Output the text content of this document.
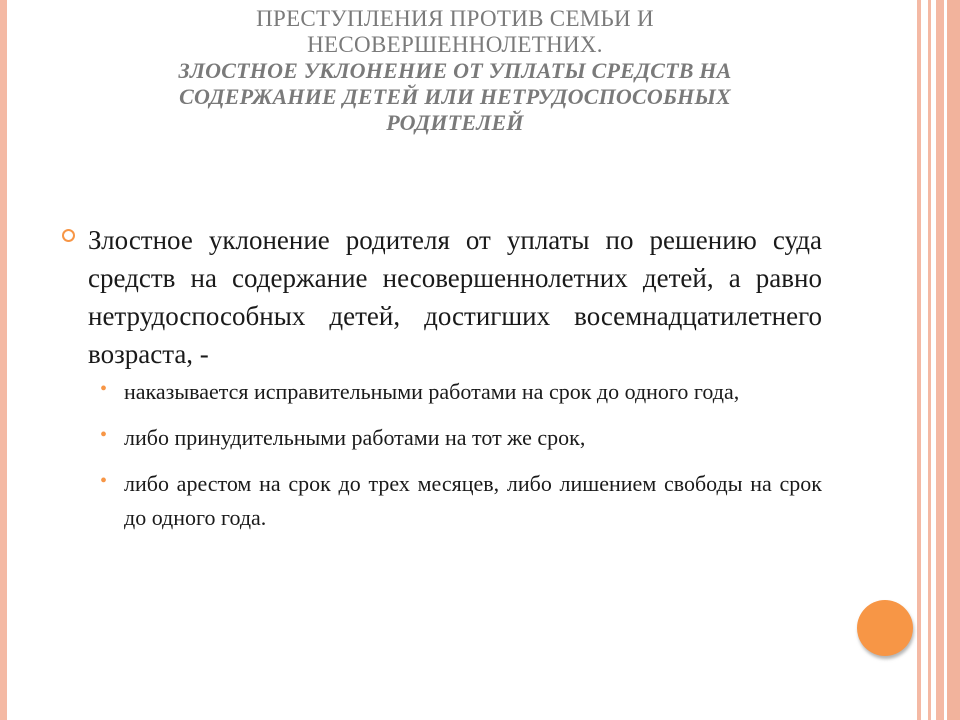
ПРЕСТУПЛЕНИЯ ПРОТИВ СЕМЬИ И
НЕСОВЕРШЕННОЛЕТНИХ.
ЗЛОСТНОЕ УКЛОНЕНИЕ ОТ УПЛАТЫ СРЕДСТВ НА
СОДЕРЖАНИЕ ДЕТЕЙ ИЛИ НЕТРУДОСПОСОБНЫХ
РОДИТЕЛЕЙ

Злостное уклонение родителя от уплаты по решению суда средств на содержание несовершеннолетних детей, а равно нетрудоспособных детей, достигших восемнадцатилетнего возраста, -

• наказывается исправительными работами на срок до одного года,

• либо принудительными работами на тот же срок,

• либо арестом на срок до трех месяцев, либо лишением свободы на срок до одного года.
